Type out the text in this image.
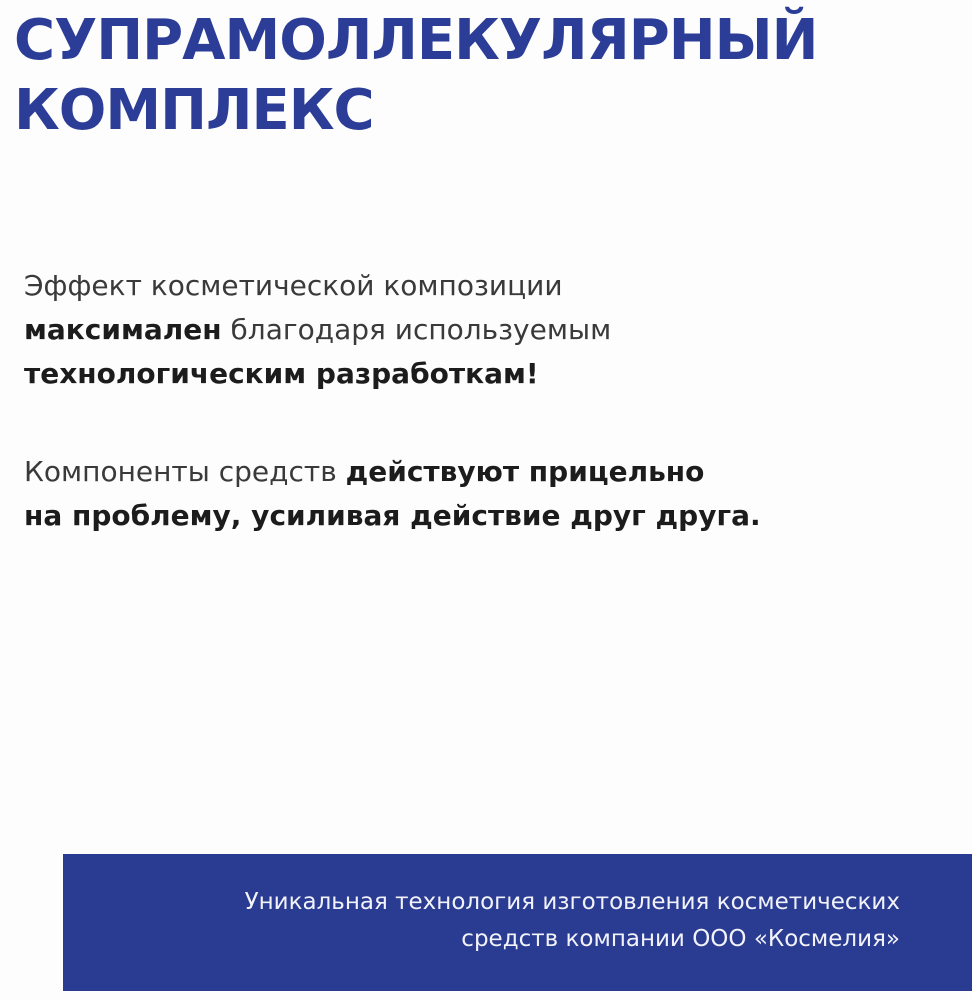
СУПРАМОЛЛЕКУЛЯРНЫЙ
КОМПЛЕКС

Эффект косметической композиции
максимален благодаря используемым
технологическим разработкам!

Компоненты средств действуют прицельно
на проблему, усиливая действие друг друга.

Уникальная технология изготовления косметических
средств компании ООО «Космелия»
